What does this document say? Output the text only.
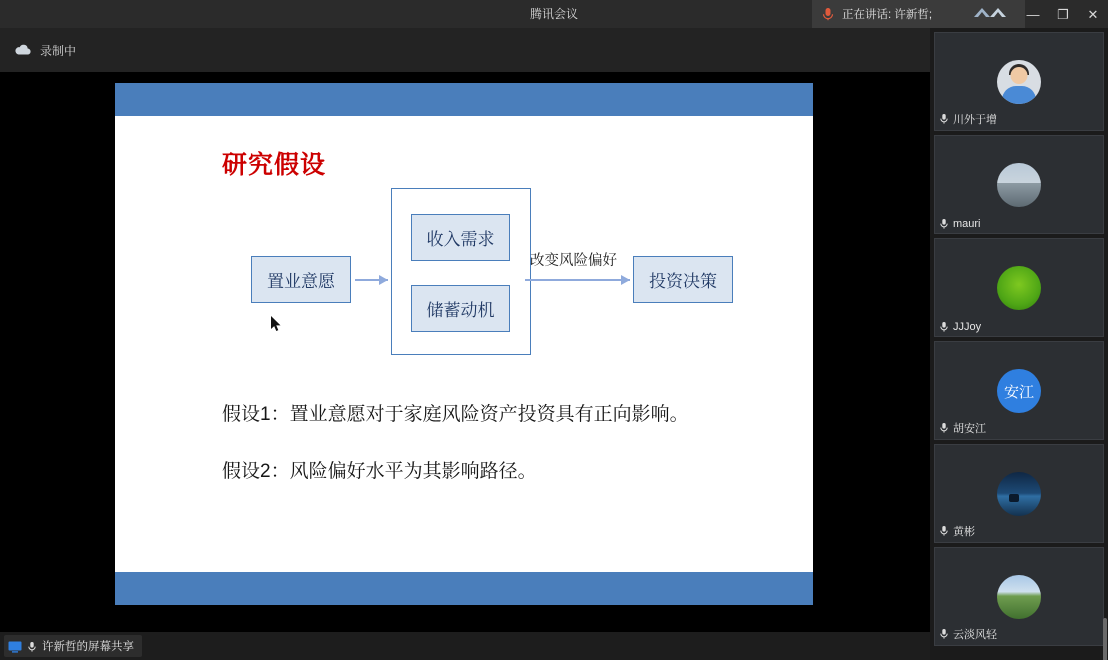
腾讯会议	正在讲话: 许新哲;	—	❐	✕
录制中
研究假设
置业意愿
收入需求
储蓄动机
投资决策
改变风险偏好
假设1：置业意愿对于家庭风险资产投资具有正向影响。
假设2：风险偏好水平为其影响路径。
川外于增
mauri
JJJoy
安江
胡安江
黄彬
云淡风轻
许新哲的屏幕共享
